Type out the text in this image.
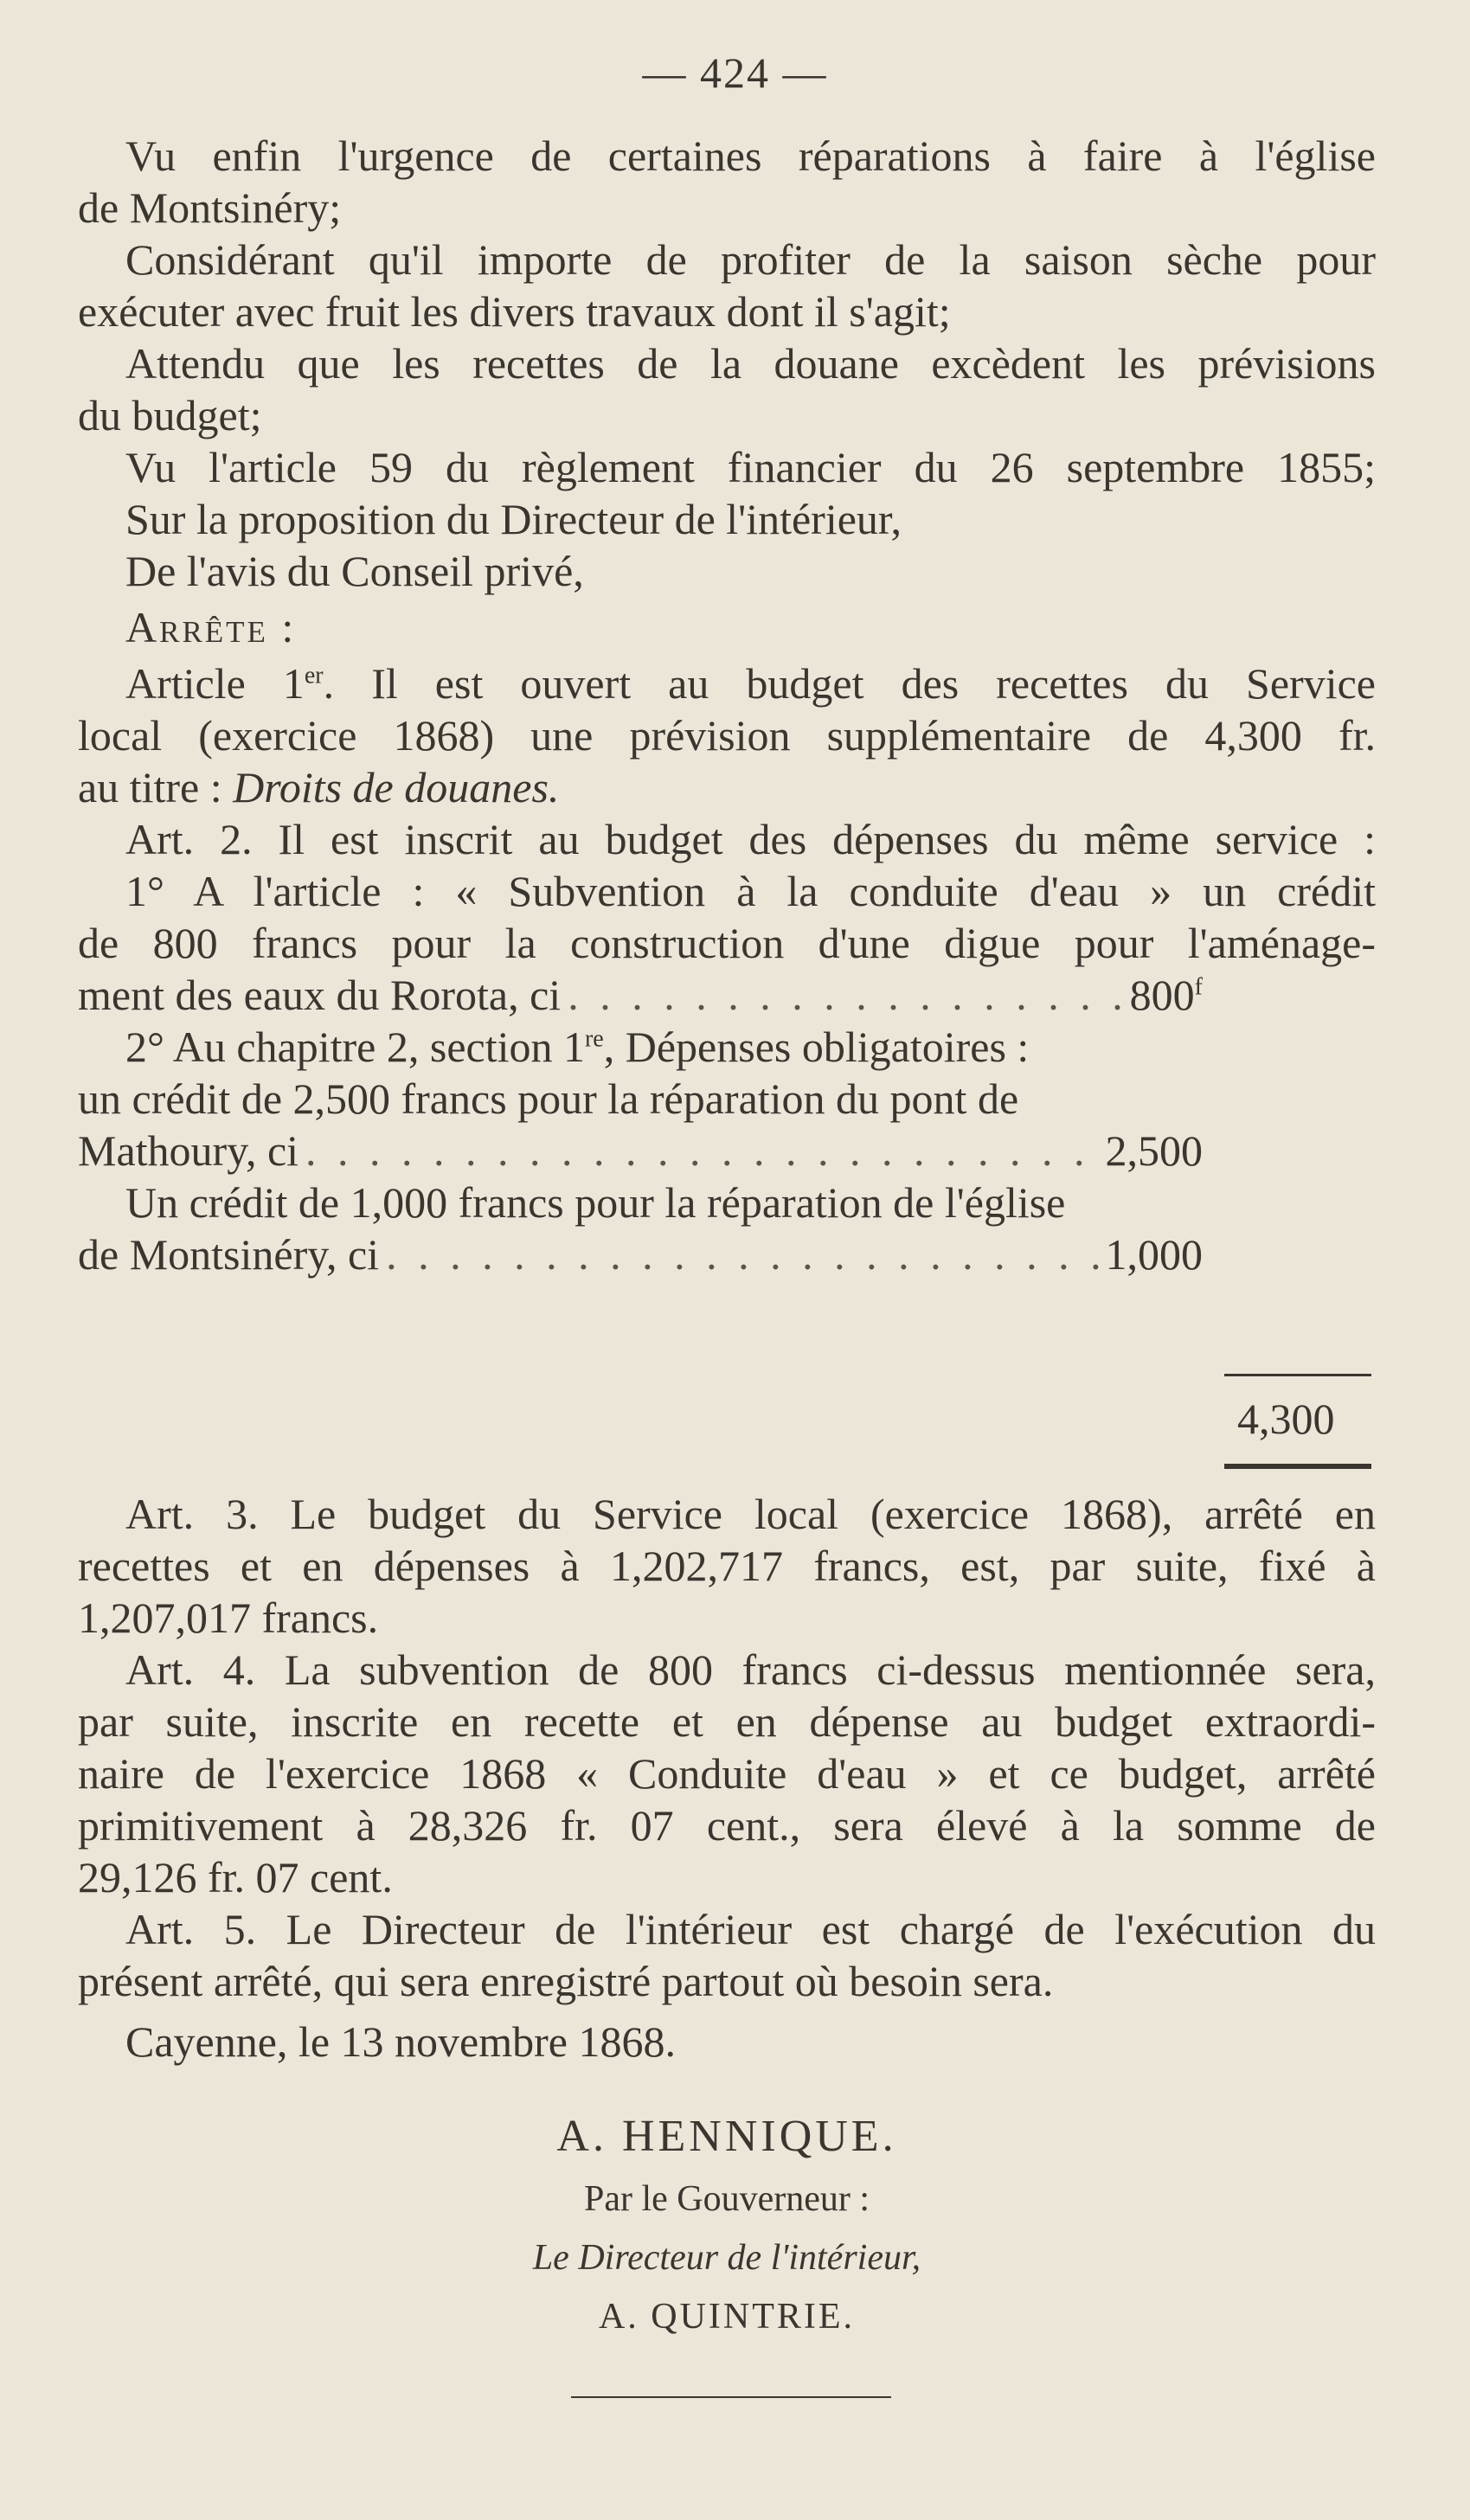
— 424 —
Vu enfin l'urgence de certaines réparations à faire à l'église
de Montsinéry;
Considérant qu'il importe de profiter de la saison sèche pour
exécuter avec fruit les divers travaux dont il s'agit;
Attendu que les recettes de la douane excèdent les prévisions
du budget;
Vu l'article 59 du règlement financier du 26 septembre 1855;
Sur la proposition du Directeur de l'intérieur,
De l'avis du Conseil privé,
Arrête :
Article 1er. Il est ouvert au budget des recettes du Service
local (exercice 1868) une prévision supplémentaire de 4,300 fr.
au titre : Droits de douanes.
Art. 2. Il est inscrit au budget des dépenses du même service :
1° A l'article : « Subvention à la conduite d'eau » un crédit
de 800 francs pour la construction d'une digue pour l'aménage-
ment des eaux du Rorota, ci . . .	800$^f$
2° Au chapitre 2, section 1re, Dépenses obligatoires :
un crédit de 2,500 francs pour la réparation du pont de
Mathoury, ci . . .	2,500
Un crédit de 1,000 francs pour la réparation de l'église
de Montsinéry, ci . . .	1,000
4,300
Art. 3. Le budget du Service local (exercice 1868), arrêté en
recettes et en dépenses à 1,202,717 francs, est, par suite, fixé à
1,207,017 francs.
Art. 4. La subvention de 800 francs ci-dessus mentionnée sera,
par suite, inscrite en recette et en dépense au budget extraordi-
naire de l'exercice 1868 « Conduite d'eau » et ce budget, arrêté
primitivement à 28,326 fr. 07 cent., sera élevé à la somme de
29,126 fr. 07 cent.
Art. 5. Le Directeur de l'intérieur est chargé de l'exécution du
présent arrêté, qui sera enregistré partout où besoin sera.
Cayenne, le 13 novembre 1868.
A. HENNIQUE.
Par le Gouverneur :
Le Directeur de l'intérieur,
A. QUINTRIE.
